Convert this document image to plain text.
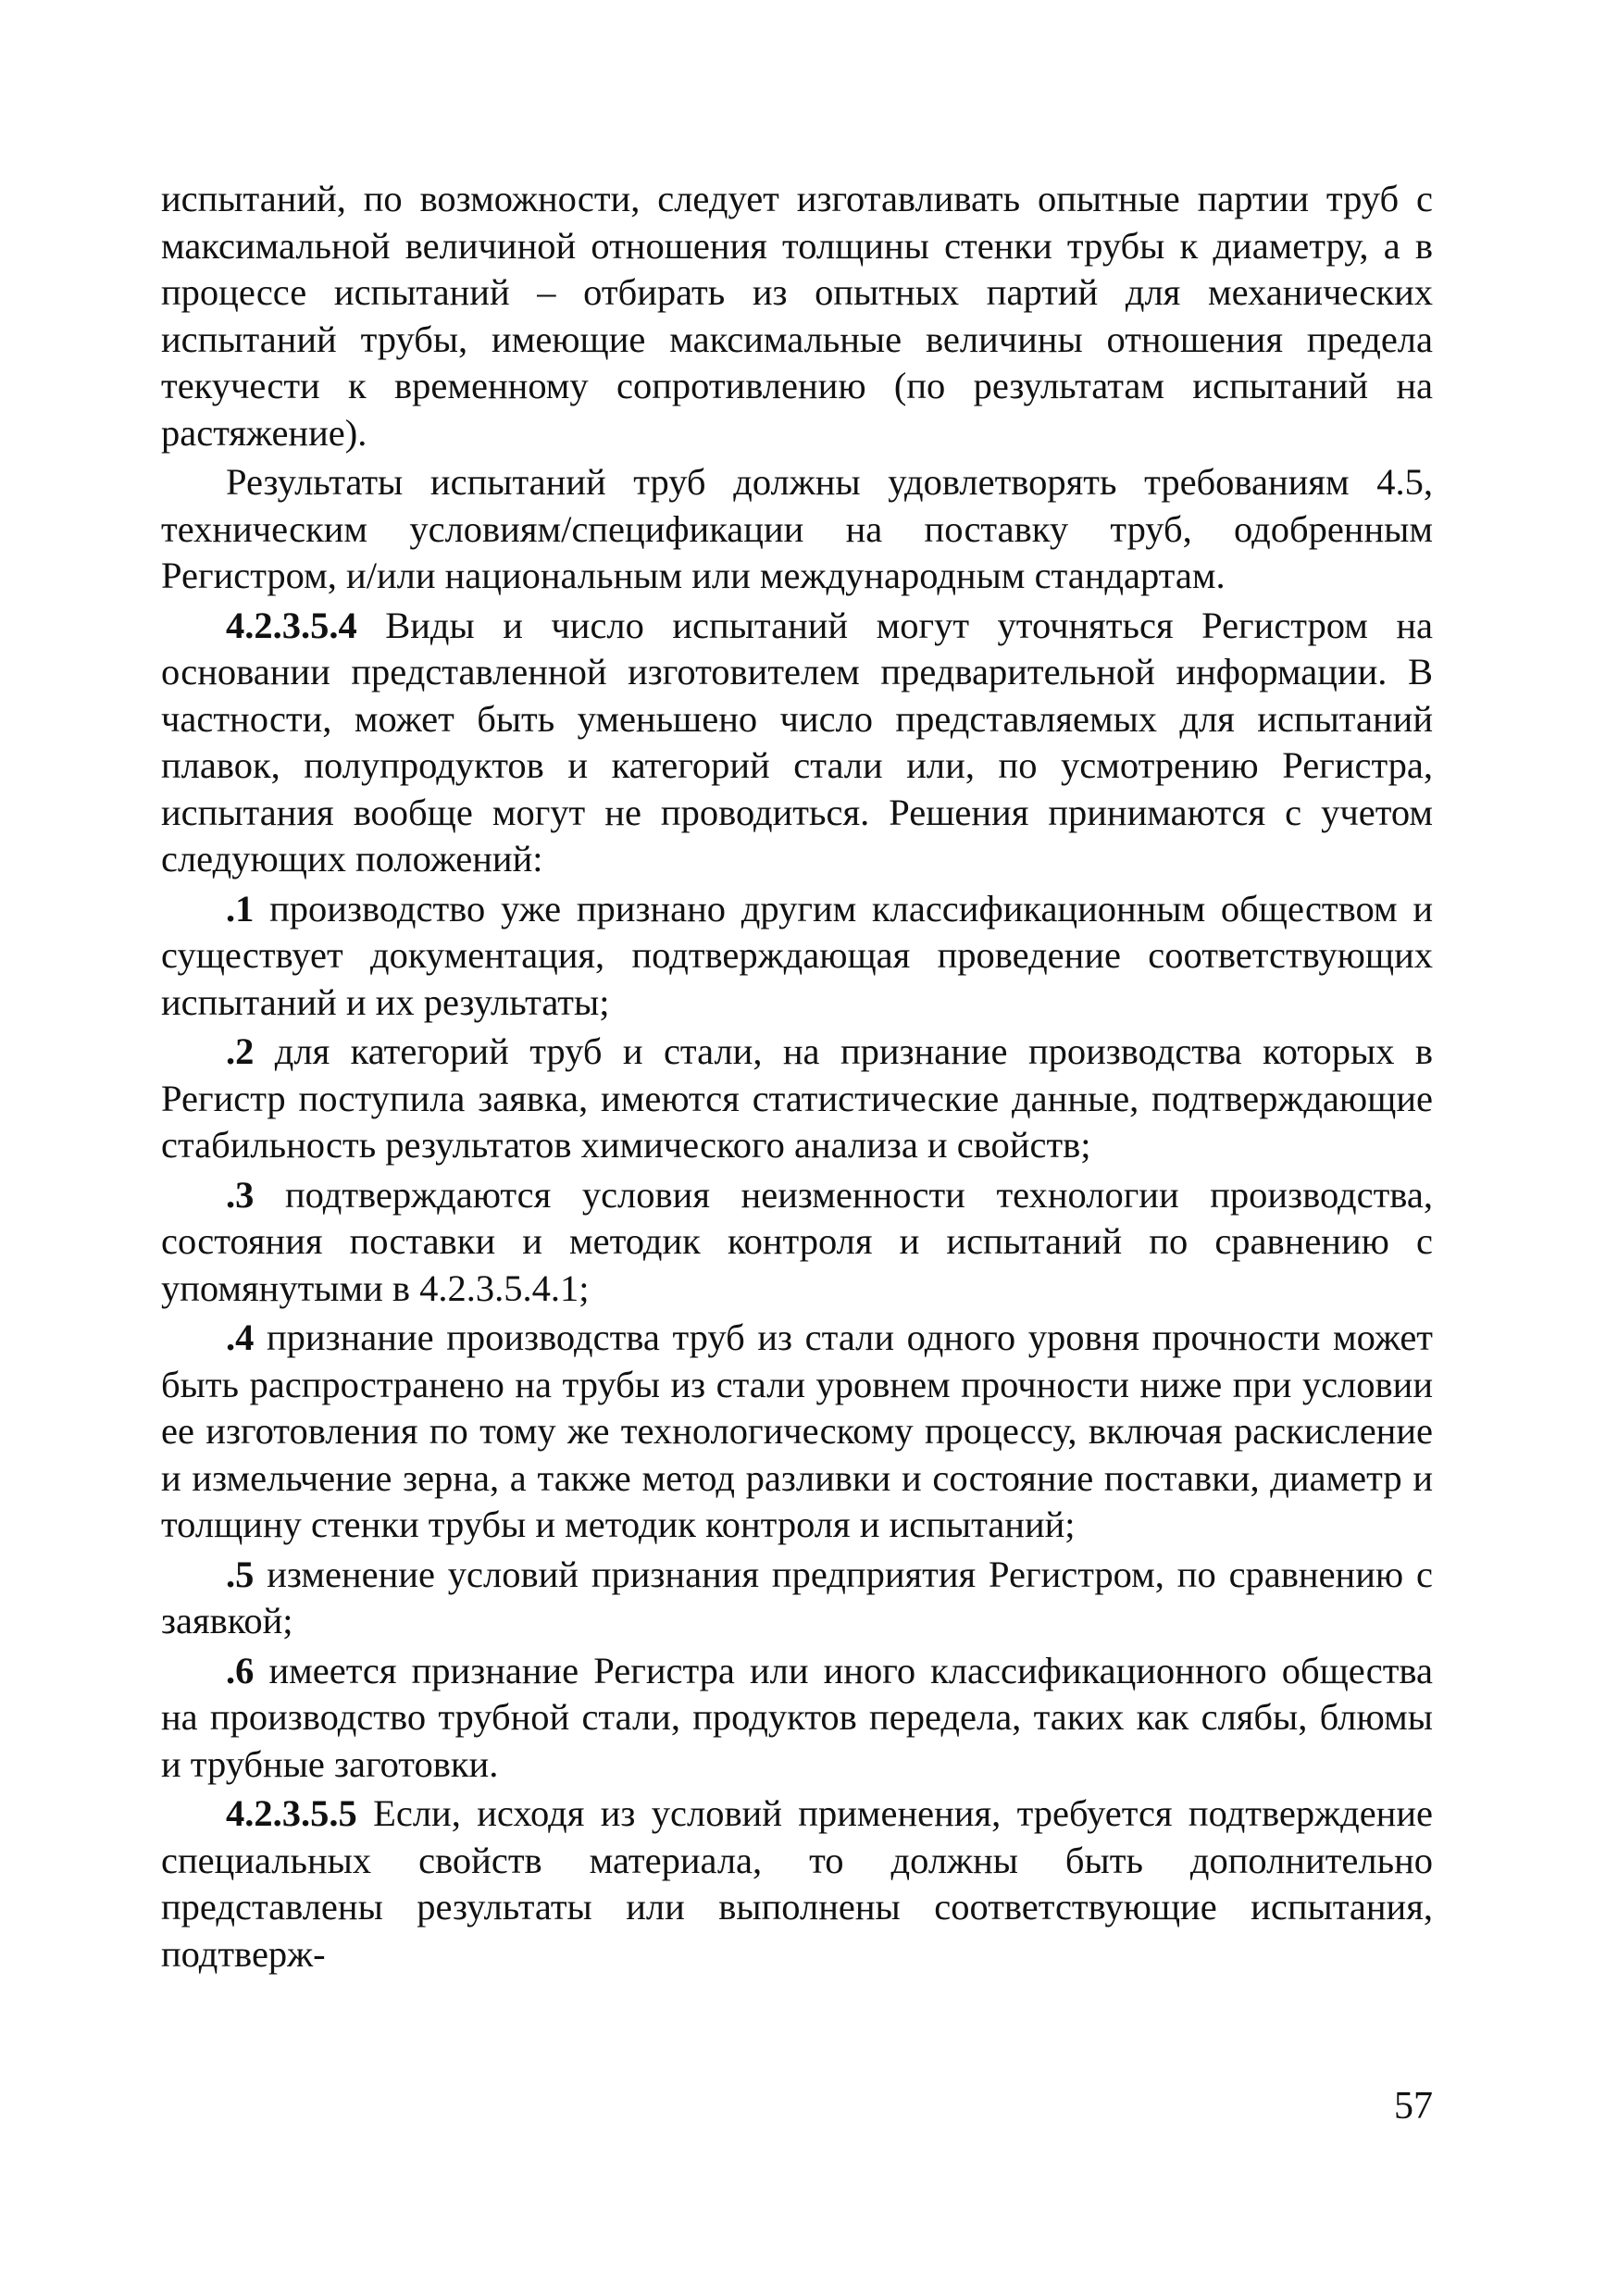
испытаний, по возможности, следует изготавливать опытные партии труб с максимальной величиной отношения толщины стенки трубы к диаметру, а в процессе испытаний – отбирать из опытных партий для механических испытаний трубы, имеющие максимальные величины отношения предела текучести к временному сопротивлению (по результатам испытаний на растяжение).

Результаты испытаний труб должны удовлетворять требованиям 4.5, техническим условиям/спецификации на поставку труб, одобренным Регистром, и/или национальным или международным стандартам.

4.2.3.5.4 Виды и число испытаний могут уточняться Регистром на основании представленной изготовителем предварительной информации. В частности, может быть уменьшено число представляемых для испытаний плавок, полупродуктов и категорий стали или, по усмотрению Регистра, испытания вообще могут не проводиться. Решения принимаются с учетом следующих положений:

.1 производство уже признано другим классификационным обществом и существует документация, подтверждающая проведение соответствующих испытаний и их результаты;

.2 для категорий труб и стали, на признание производства которых в Регистр поступила заявка, имеются статистические данные, подтверждающие стабильность результатов химического анализа и свойств;

.3 подтверждаются условия неизменности технологии производства, состояния поставки и методик контроля и испытаний по сравнению с упомянутыми в 4.2.3.5.4.1;

.4 признание производства труб из стали одного уровня прочности может быть распространено на трубы из стали уровнем прочности ниже при условии ее изготовления по тому же технологическому процессу, включая раскисление и измельчение зерна, а также метод разливки и состояние поставки, диаметр и толщину стенки трубы и методик контроля и испытаний;

.5 изменение условий признания предприятия Регистром, по сравнению с заявкой;

.6 имеется признание Регистра или иного классификационного общества на производство трубной стали, продуктов передела, таких как слябы, блюмы и трубные заготовки.

4.2.3.5.5 Если, исходя из условий применения, требуется подтверждение специальных свойств материала, то должны быть дополнительно представлены результаты или выполнены соответствующие испытания, подтверж-

57
